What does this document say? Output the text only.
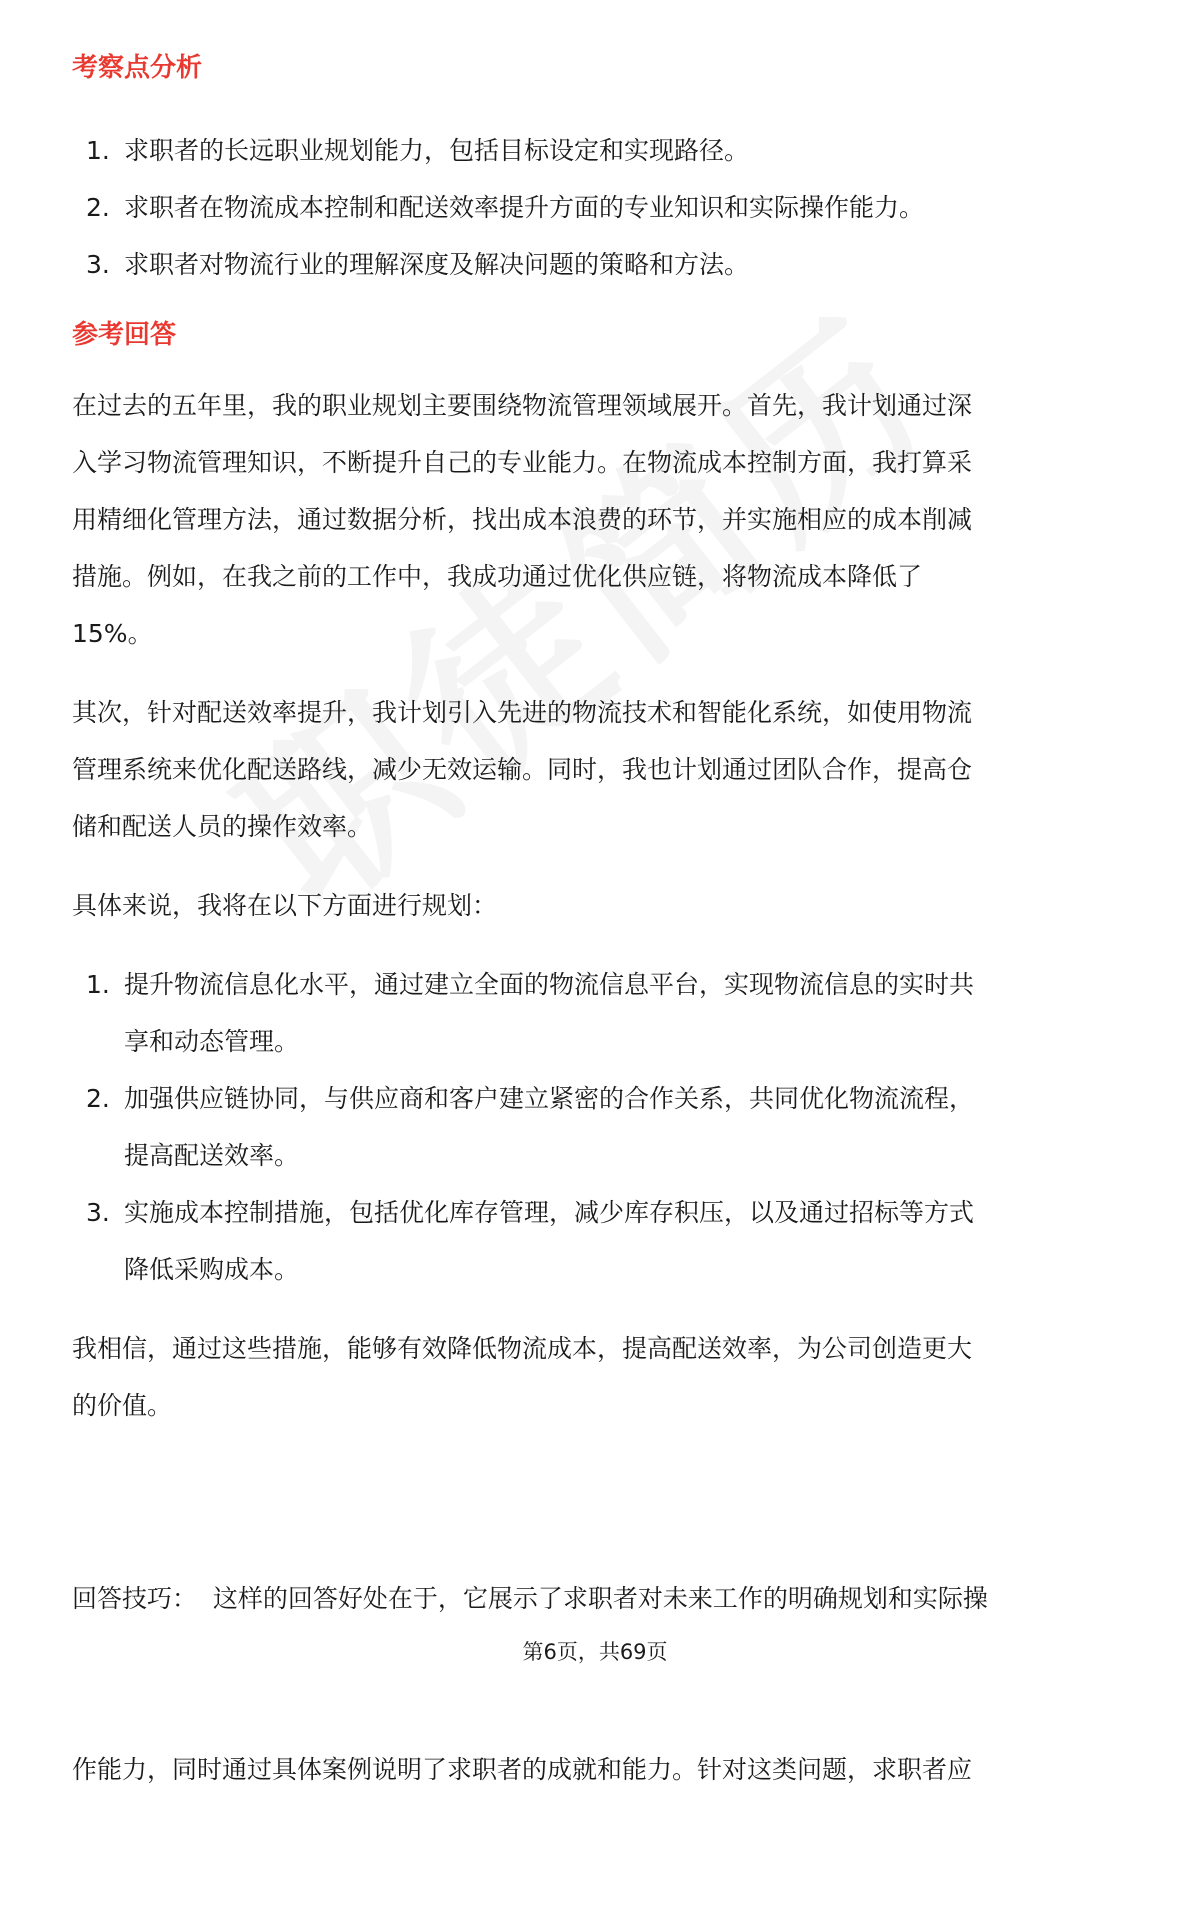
考察点分析
1. 求职者的长远职业规划能力，包括目标设定和实现路径。
2. 求职者在物流成本控制和配送效率提升方面的专业知识和实际操作能力。
3. 求职者对物流行业的理解深度及解决问题的策略和方法。
参考回答
在过去的五年里，我的职业规划主要围绕物流管理领域展开。首先，我计划通过深
入学习物流管理知识，不断提升自己的专业能力。在物流成本控制方面，我打算采
用精细化管理方法，通过数据分析，找出成本浪费的环节，并实施相应的成本削减
措施。例如，在我之前的工作中，我成功通过优化供应链，将物流成本降低了
15%。
其次，针对配送效率提升，我计划引入先进的物流技术和智能化系统，如使用物流
管理系统来优化配送路线，减少无效运输。同时，我也计划通过团队合作，提高仓
储和配送人员的操作效率。
具体来说，我将在以下方面进行规划：
1. 提升物流信息化水平，通过建立全面的物流信息平台，实现物流信息的实时共
享和动态管理。
2. 加强供应链协同，与供应商和客户建立紧密的合作关系，共同优化物流流程，
提高配送效率。
3. 实施成本控制措施，包括优化库存管理，减少库存积压，以及通过招标等方式
降低采购成本。
我相信，通过这些措施，能够有效降低物流成本，提高配送效率，为公司创造更大
的价值。

回答技巧：  这样的回答好处在于，它展示了求职者对未来工作的明确规划和实际操

作能力，同时通过具体案例说明了求职者的成就和能力。针对这类问题，求职者应

第6页，共69页
